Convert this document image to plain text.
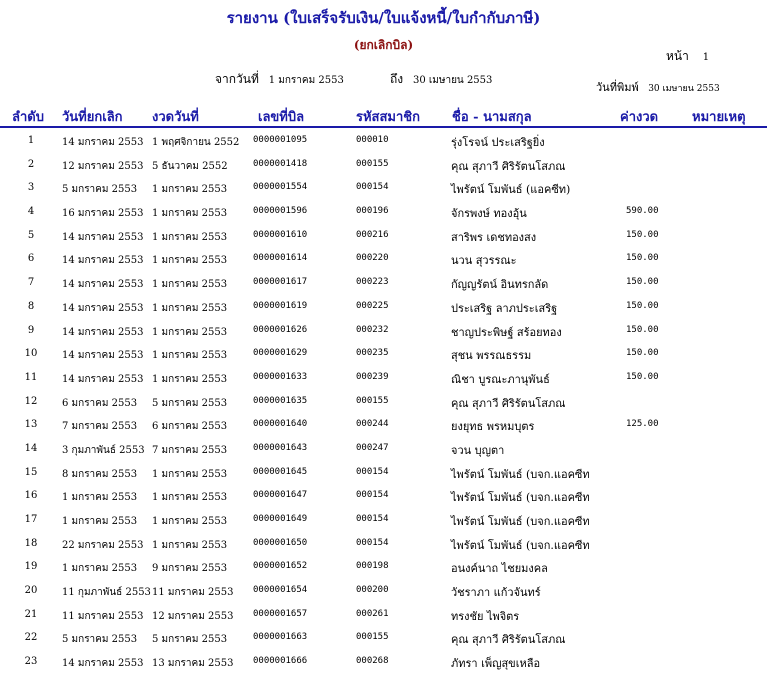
รายงาน (ใบเสร็จรับเงิน/ใบแจ้งหนี้/ใบกำกับภาษี)
(ยกเลิกบิล)
หน้า 1
จากวันที่ 1 มกราคม 2553	ถึง 30 เมษายน 2553
วันที่พิมพ์ 30 เมษายน 2553
ลำดับ วันที่ยกเลิก งวดวันที่	เลขที่บิล	รหัสสมาชิก ชื่อ - นามสกุล	ค่างวด	หมายเหตุ
1	14 มกราคม 2553 1 พฤศจิกายน 2552 0000001095	000010	รุ่งโรจน์ ประเสริฐยิ่ง
2	12 มกราคม 2553 5 ธันวาคม 2552	0000001418	000155	คุณ สุภาวี ศิริรัตนโสภณ
3	5 มกราคม 2553 1 มกราคม 2553	0000001554	000154	ไพรัตน์ โมพันธ์ (แอคซีท)
4	16 มกราคม 2553 1 มกราคม 2553	0000001596	000196	จักรพงษ์ ทองอุ้น	590.00
5	14 มกราคม 2553 1 มกราคม 2553	0000001610	000216	สาริพร เดชทองสง	150.00
6	14 มกราคม 2553 1 มกราคม 2553	0000001614	000220	นวน สุวรรณะ	150.00
7	14 มกราคม 2553 1 มกราคม 2553	0000001617	000223	กัญญรัตน์ อินทรกลัด	150.00
8	14 มกราคม 2553 1 มกราคม 2553	0000001619	000225	ประเสริฐ ลาภประเสริฐ	150.00
9	14 มกราคม 2553 1 มกราคม 2553	0000001626	000232	ชาญประพิษฐ์ สร้อยทอง	150.00
10	14 มกราคม 2553 1 มกราคม 2553	0000001629	000235	สุชน พรรณธรรม	150.00
11	14 มกราคม 2553 1 มกราคม 2553	0000001633	000239	ณิชา บูรณะภานุพันธ์	150.00
12	6 มกราคม 2553 5 มกราคม 2553	0000001635	000155	คุณ สุภาวี ศิริรัตนโสภณ
13	7 มกราคม 2553 6 มกราคม 2553	0000001640	000244	ยงยุทธ พรหมบุตร	125.00
14	3 กุมภาพันธ์ 2553 7 มกราคม 2553	0000001643	000247	จวน บุญตา
15	8 มกราคม 2553 1 มกราคม 2553	0000001645	000154	ไพรัตน์ โมพันธ์ (บจก.แอคซีท
16	1 มกราคม 2553 1 มกราคม 2553	0000001647	000154	ไพรัตน์ โมพันธ์ (บจก.แอคซีท
17	1 มกราคม 2553 1 มกราคม 2553	0000001649	000154	ไพรัตน์ โมพันธ์ (บจก.แอคซีท
18	22 มกราคม 2553 1 มกราคม 2553	0000001650	000154	ไพรัตน์ โมพันธ์ (บจก.แอคซีท
19	1 มกราคม 2553 9 มกราคม 2553	0000001652	000198	อนงค์นาถ ไชยมงคล
20	11 กุมภาพันธ์ 2553 11 มกราคม 2553 0000001654	000200	วัชราภา แก้วจันทร์
21	11 มกราคม 2553 12 มกราคม 2553 0000001657	000261	ทรงชัย ไพจิตร
22	5 มกราคม 2553 5 มกราคม 2553	0000001663	000155	คุณ สุภาวี ศิริรัตนโสภณ
23	14 มกราคม 2553 13 มกราคม 2553 0000001666	000268	ภัทรา เพ็ญสุขเหลือ
